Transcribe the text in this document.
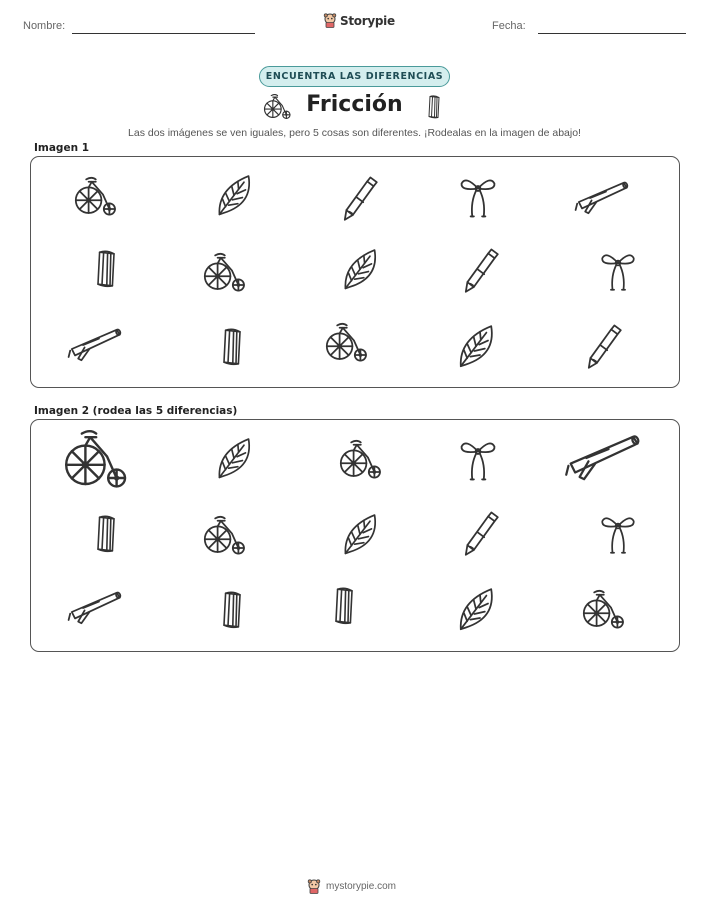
Nombre:	Storypie	Fecha:
ENCUENTRA LAS DIFERENCIAS
Fricción
Las dos imágenes se ven iguales, pero 5 cosas son diferentes. ¡Rodealas en la imagen de abajo!
Imagen 1
Imagen 2 (rodea las 5 diferencias)
mystorypie.com
